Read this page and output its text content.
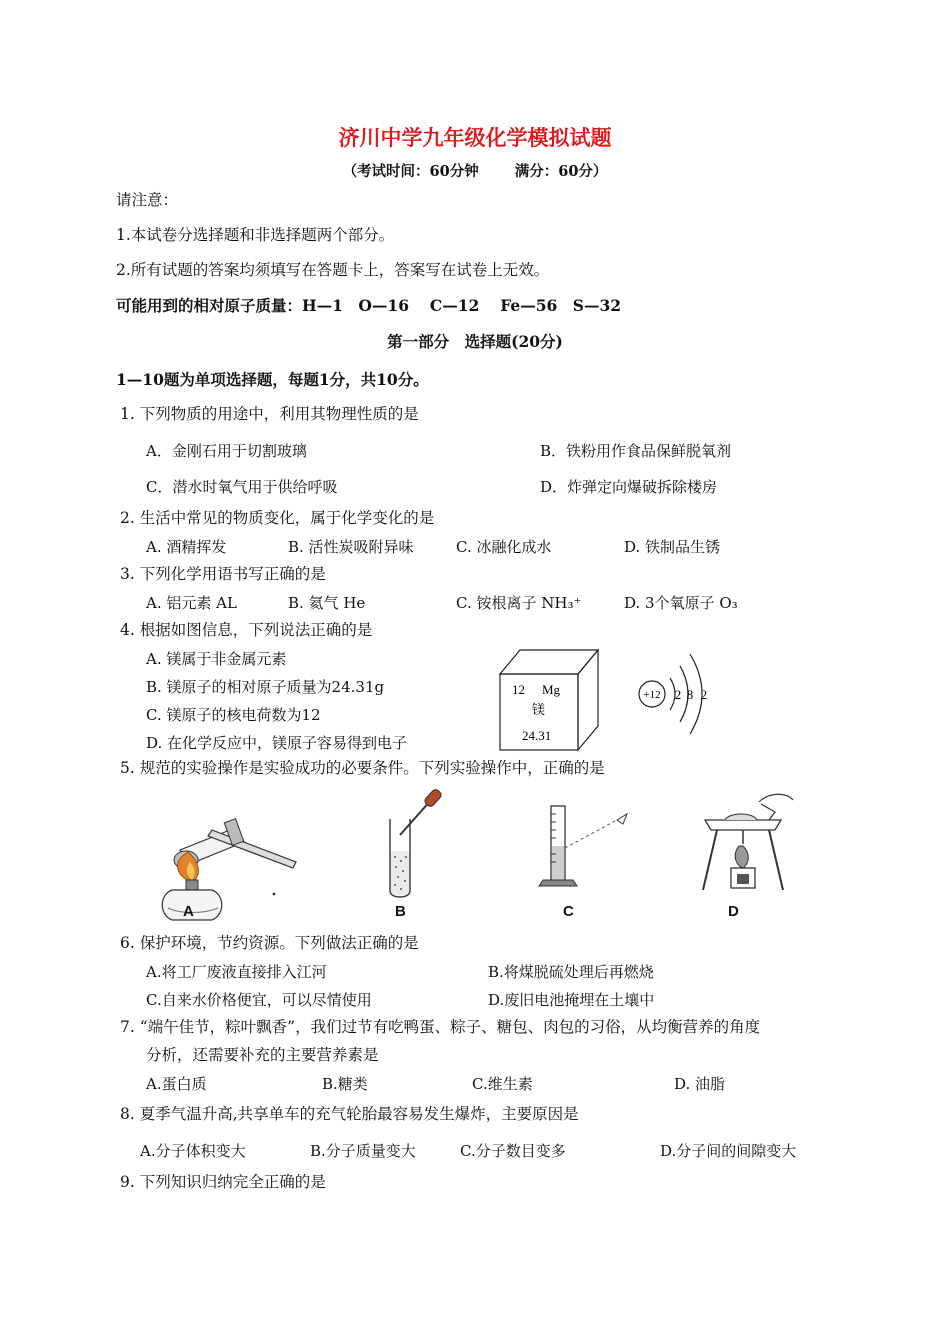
济川中学九年级化学模拟试题
（考试时间：60分钟 满分：60分）
请注意：
1.本试卷分选择题和非选择题两个部分。
2.所有试题的答案均须填写在答题卡上，答案写在试卷上无效。
可能用到的相对原子质量：H—1　O—16　 C—12　 Fe—56　S—32
第一部分　选择题(20分)
1—10题为单项选择题，每题1分，共10分。
1. 下列物质的用途中，利用其物理性质的是
A．金刚石用于切割玻璃	B．铁粉用作食品保鲜脱氧剂
C．潜水时氧气用于供给呼吸	D．炸弹定向爆破拆除楼房
2. 生活中常见的物质变化，属于化学变化的是
A. 酒精挥发	B. 活性炭吸附异味	C. 冰融化成水	D. 铁制品生锈
3. 下列化学用语书写正确的是
A. 铝元素 AL	B. 氦气 He	C. 铵根离子 NH₃⁺	D. 3个氧原子 O₃
4. 根据如图信息，下列说法正确的是
A. 镁属于非金属元素
B. 镁原子的相对原子质量为24.31g
C. 镁原子的核电荷数为12
D. 在化学反应中，镁原子容易得到电子
12 Mg
镁
24.31
+12 2 8 2
5. 规范的实验操作是实验成功的必要条件。下列实验操作中，正确的是
A	B	C	D
6. 保护环境，节约资源。下列做法正确的是
A.将工厂废液直接排入江河	B.将煤脱硫处理后再燃烧
C.自来水价格便宜，可以尽情使用	D.废旧电池掩埋在土壤中
7. “端午佳节，粽叶飘香”，我们过节有吃鸭蛋、粽子、糖包、肉包的习俗，从均衡营养的角度
分析，还需要补充的主要营养素是
A.蛋白质	B.糖类	C.维生素	D. 油脂
8. 夏季气温升高,共享单车的充气轮胎最容易发生爆炸，主要原因是
A.分子体积变大	B.分子质量变大	C.分子数目变多	D.分子间的间隙变大
9. 下列知识归纳完全正确的是
